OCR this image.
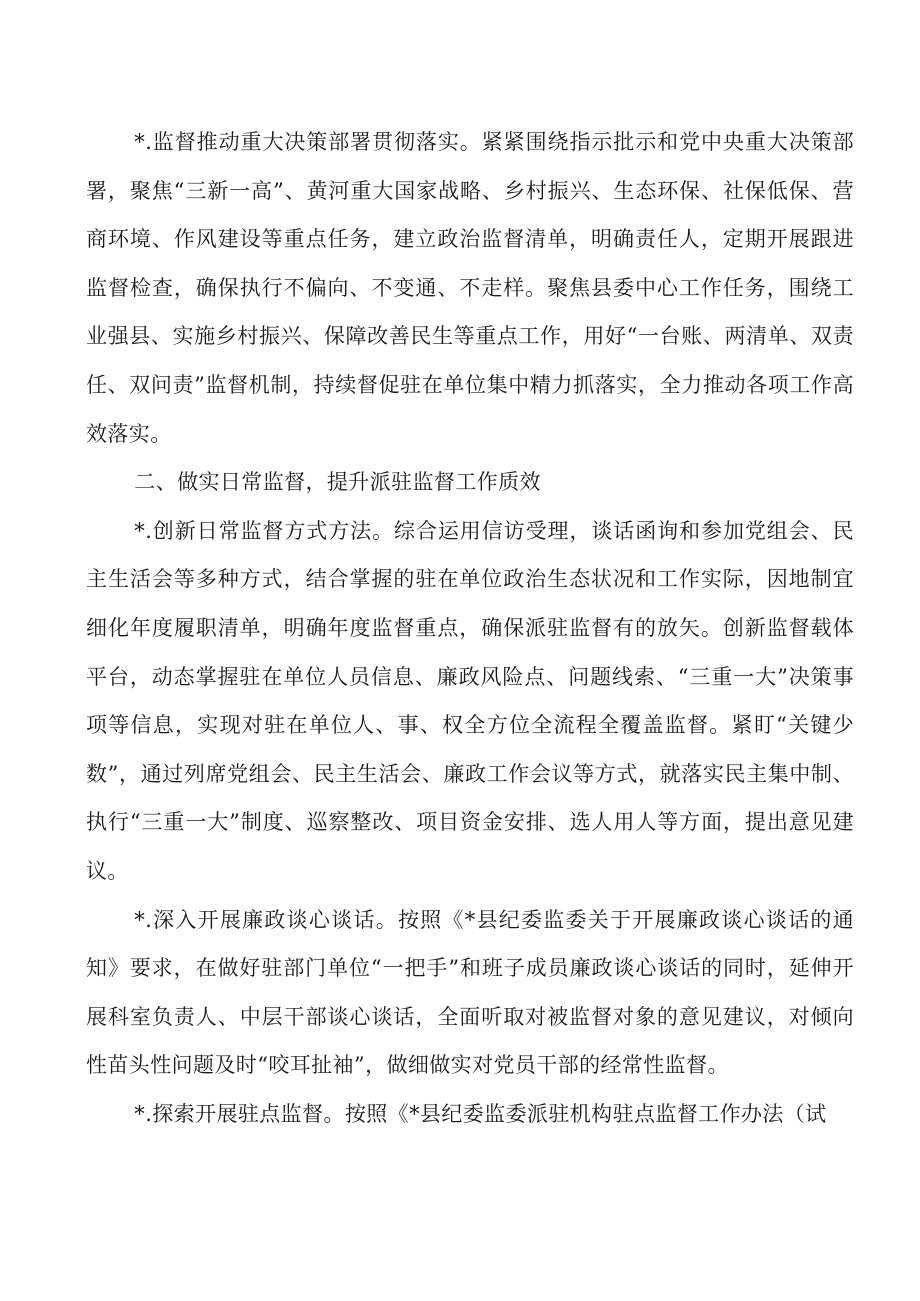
*.监督推动重大决策部署贯彻落实。紧紧围绕指示批示和党中央重大决策部署，聚焦“三新一高”、黄河重大国家战略、乡村振兴、生态环保、社保低保、营商环境、作风建设等重点任务，建立政治监督清单，明确责任人，定期开展跟进监督检查，确保执行不偏向、不变通、不走样。聚焦县委中心工作任务，围绕工业强县、实施乡村振兴、保障改善民生等重点工作，用好“一台账、两清单、双责任、双问责”监督机制，持续督促驻在单位集中精力抓落实，全力推动各项工作高效落实。

二、做实日常监督，提升派驻监督工作质效

*.创新日常监督方式方法。综合运用信访受理，谈话函询和参加党组会、民主生活会等多种方式，结合掌握的驻在单位政治生态状况和工作实际，因地制宜细化年度履职清单，明确年度监督重点，确保派驻监督有的放矢。创新监督载体平台，动态掌握驻在单位人员信息、廉政风险点、问题线索、“三重一大”决策事项等信息，实现对驻在单位人、事、权全方位全流程全覆盖监督。紧盯“关键少数”，通过列席党组会、民主生活会、廉政工作会议等方式，就落实民主集中制、执行“三重一大”制度、巡察整改、项目资金安排、选人用人等方面，提出意见建议。

*.深入开展廉政谈心谈话。按照《*县纪委监委关于开展廉政谈心谈话的通知》要求，在做好驻部门单位“一把手”和班子成员廉政谈心谈话的同时，延伸开展科室负责人、中层干部谈心谈话，全面听取对被监督对象的意见建议，对倾向性苗头性问题及时“咬耳扯袖”，做细做实对党员干部的经常性监督。

*.探索开展驻点监督。按照《*县纪委监委派驻机构驻点监督工作办法（试
